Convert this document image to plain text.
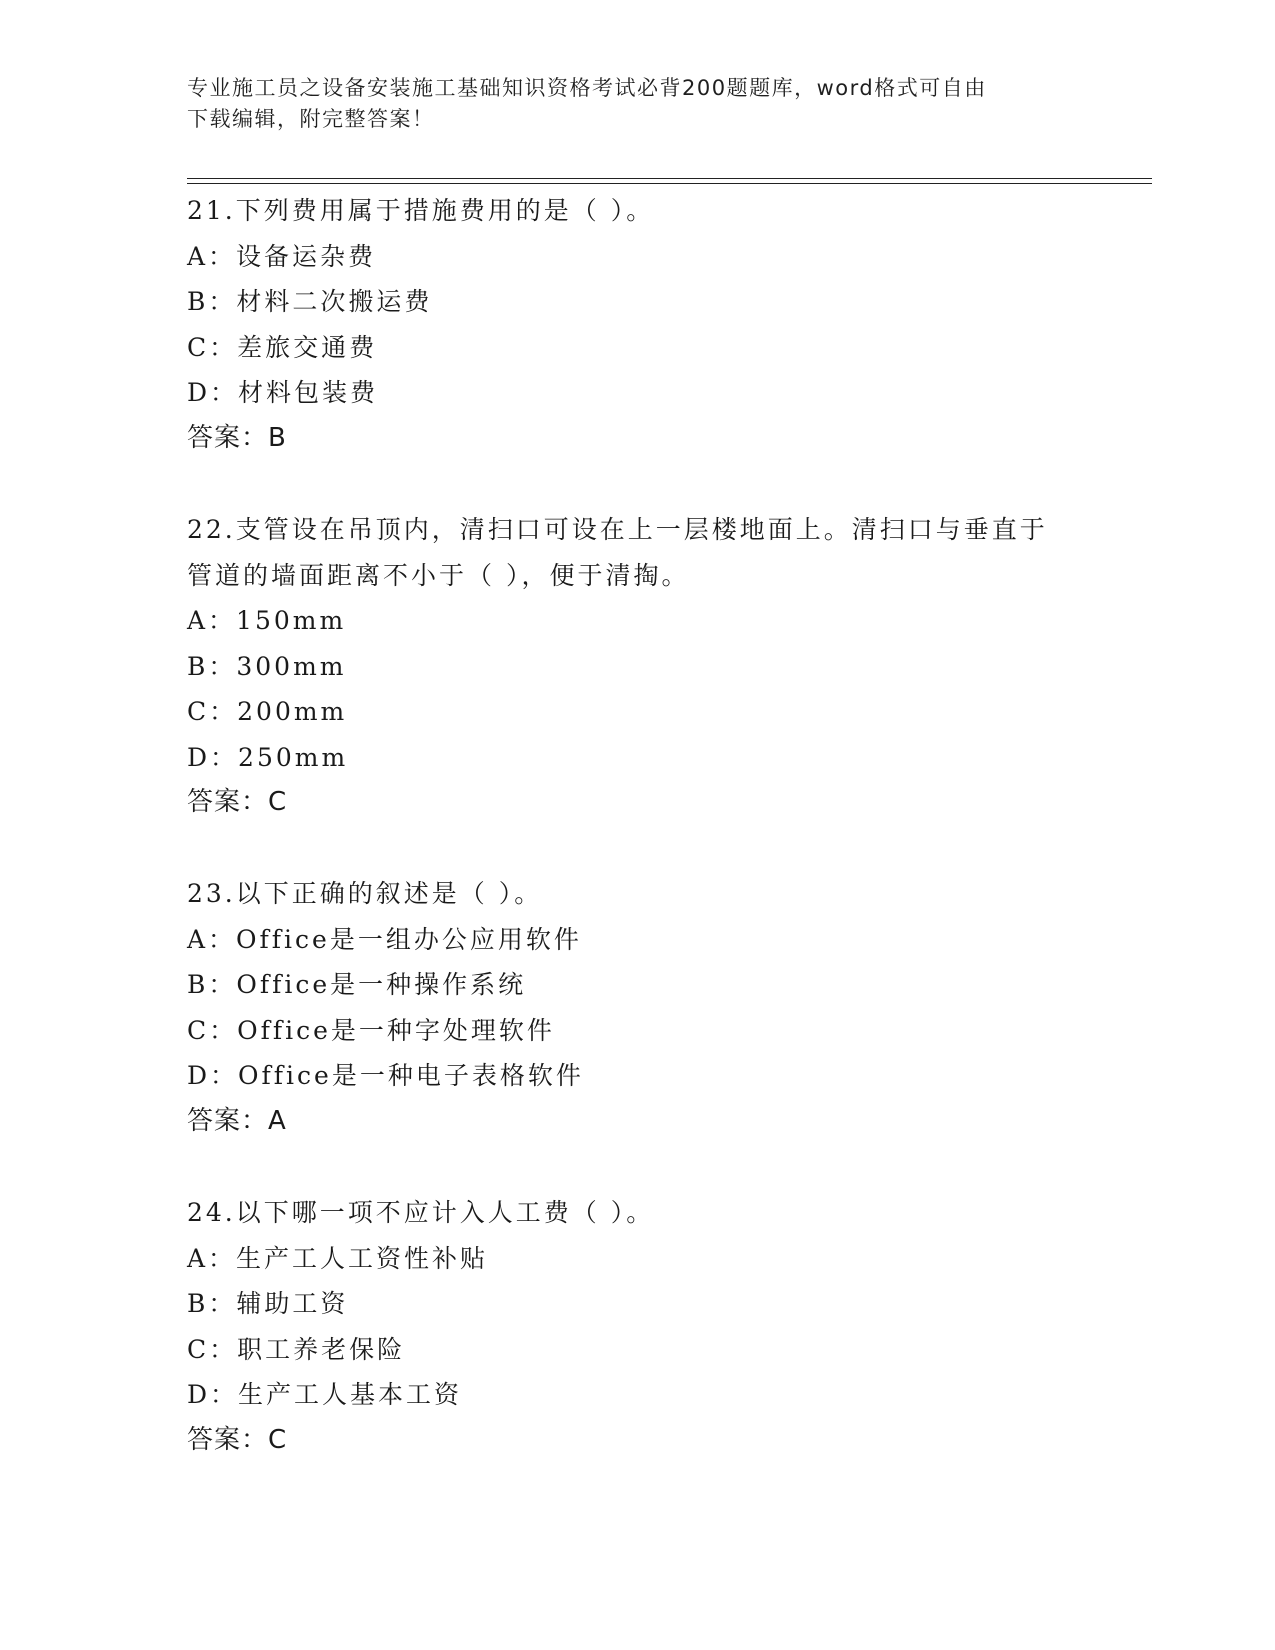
专业施工员之设备安装施工基础知识资格考试必背200题题库，word格式可自由
下载编辑，附完整答案！
21.下列费用属于措施费用的是（ ）。
A：设备运杂费
B：材料二次搬运费
C：差旅交通费
D：材料包装费
答案：B
22.支管设在吊顶内，清扫口可设在上一层楼地面上。清扫口与垂直于
管道的墙面距离不小于（ ），便于清掏。
A：150mm
B：300mm
C：200mm
D：250mm
答案：C
23.以下正确的叙述是（ ）。
A：Office是一组办公应用软件
B：Office是一种操作系统
C：Office是一种字处理软件
D：Office是一种电子表格软件
答案：A
24.以下哪一项不应计入人工费（ ）。
A：生产工人工资性补贴
B：辅助工资
C：职工养老保险
D：生产工人基本工资
答案：C
